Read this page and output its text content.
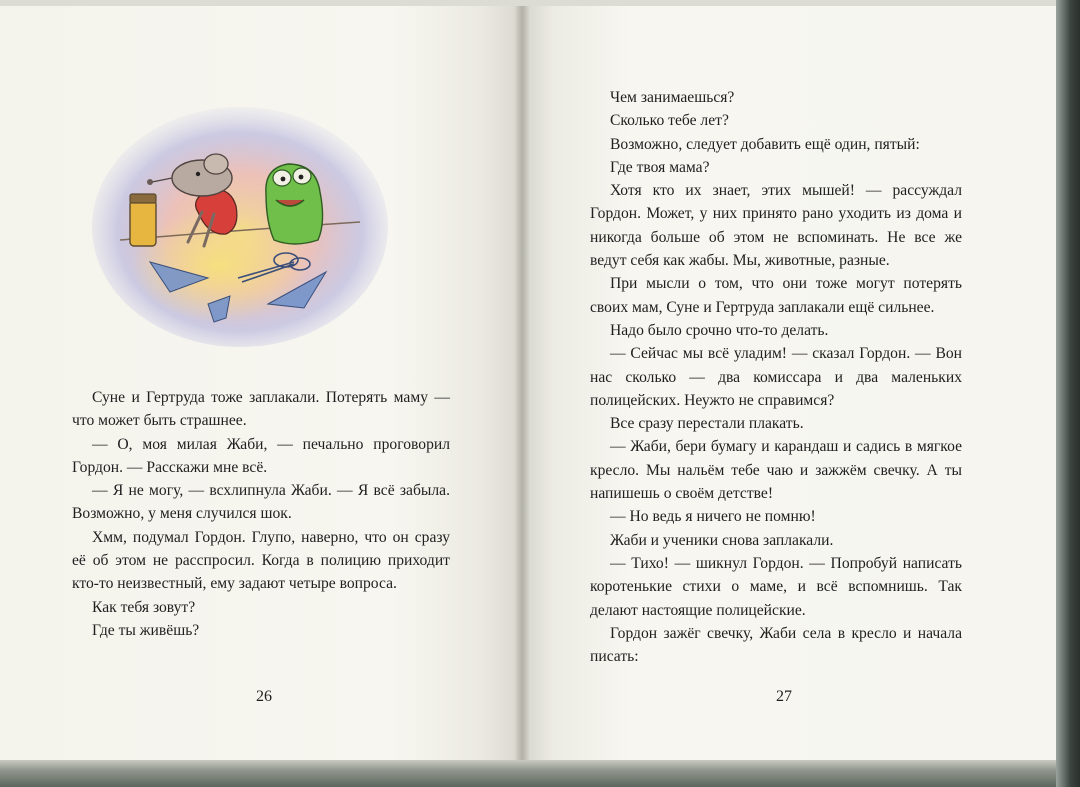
Суне и Гертруда тоже заплакали. Потерять маму — что может быть страшнее.

— О, моя милая Жаби, — печально проговорил Гордон. — Расскажи мне всё.

— Я не могу, — всхлипнула Жаби. — Я всё забыла. Возможно, у меня случился шок.

Хмм, подумал Гордон. Глупо, наверно, что он сразу её об этом не расспросил. Когда в полицию приходит кто-то неизвестный, ему задают четыре вопроса.

Как тебя зовут?

Где ты живёшь?

26

Чем занимаешься?

Сколько тебе лет?

Возможно, следует добавить ещё один, пятый:

Где твоя мама?

Хотя кто их знает, этих мышей! — рассуждал Гордон. Может, у них принято рано уходить из дома и никогда больше об этом не вспоминать. Не все же ведут себя как жабы. Мы, животные, разные.

При мысли о том, что они тоже могут потерять своих мам, Суне и Гертруда заплакали ещё сильнее.

Надо было срочно что-то делать.

— Сейчас мы всё уладим! — сказал Гордон. — Вон нас сколько — два комиссара и два маленьких полицейских. Неужто не справимся?

Все сразу перестали плакать.

— Жаби, бери бумагу и карандаш и садись в мягкое кресло. Мы нальём тебе чаю и зажжём свечку. А ты напишешь о своём детстве!

— Но ведь я ничего не помню!

Жаби и ученики снова заплакали.

— Тихо! — шикнул Гордон. — Попробуй написать коротенькие стихи о маме, и всё вспомнишь. Так делают настоящие полицейские.

Гордон зажёг свечку, Жаби села в кресло и начала писать:

27
